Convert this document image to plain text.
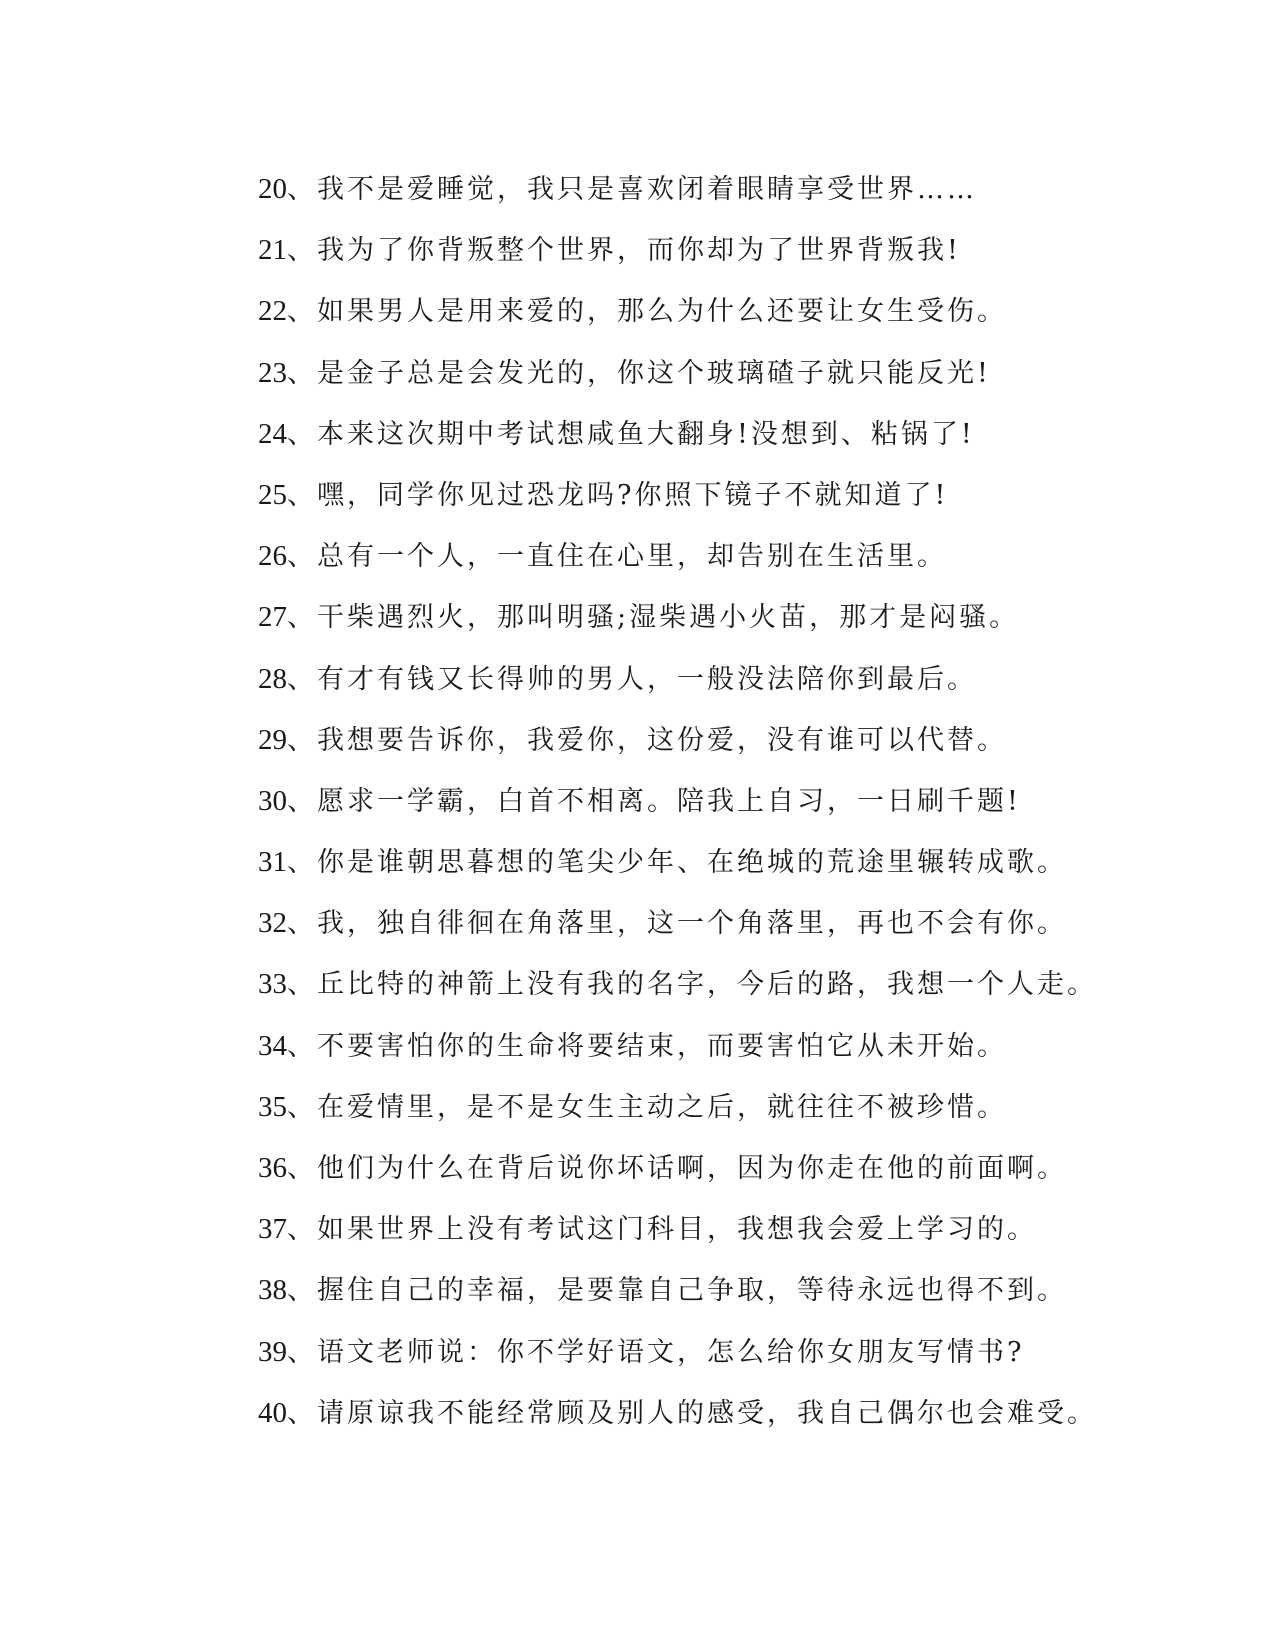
20、我不是爱睡觉，我只是喜欢闭着眼睛享受世界……
21、我为了你背叛整个世界，而你却为了世界背叛我!
22、如果男人是用来爱的，那么为什么还要让女生受伤。
23、是金子总是会发光的，你这个玻璃碴子就只能反光!
24、本来这次期中考试想咸鱼大翻身!没想到、粘锅了!
25、嘿，同学你见过恐龙吗?你照下镜子不就知道了!
26、总有一个人，一直住在心里，却告别在生活里。
27、干柴遇烈火，那叫明骚;湿柴遇小火苗，那才是闷骚。
28、有才有钱又长得帅的男人，一般没法陪你到最后。
29、我想要告诉你，我爱你，这份爱，没有谁可以代替。
30、愿求一学霸，白首不相离。陪我上自习，一日刷千题!
31、你是谁朝思暮想的笔尖少年、在绝城的荒途里辗转成歌。
32、我，独自徘徊在角落里，这一个角落里，再也不会有你。
33、丘比特的神箭上没有我的名字，今后的路，我想一个人走。
34、不要害怕你的生命将要结束，而要害怕它从未开始。
35、在爱情里，是不是女生主动之后，就往往不被珍惜。
36、他们为什么在背后说你坏话啊，因为你走在他的前面啊。
37、如果世界上没有考试这门科目，我想我会爱上学习的。
38、握住自己的幸福，是要靠自己争取，等待永远也得不到。
39、语文老师说：你不学好语文，怎么给你女朋友写情书?
40、请原谅我不能经常顾及别人的感受，我自己偶尔也会难受。
